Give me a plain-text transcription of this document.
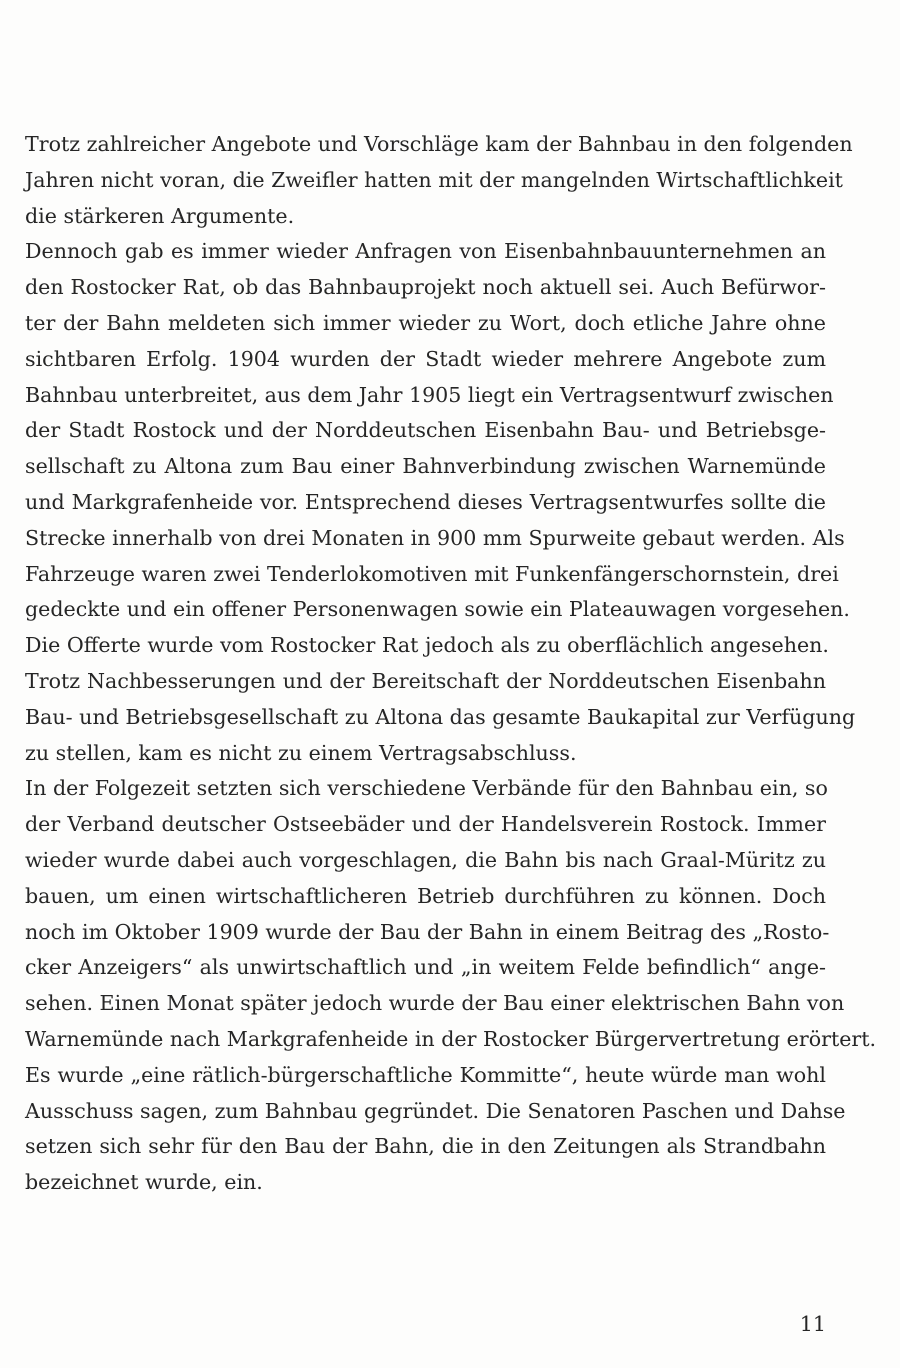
Trotz zahlreicher Angebote und Vorschläge kam der Bahnbau in den folgenden
Jahren nicht voran, die Zweifler hatten mit der mangelnden Wirtschaftlichkeit
die stärkeren Argumente.
Dennoch gab es immer wieder Anfragen von Eisenbahnbauunternehmen an
den Rostocker Rat, ob das Bahnbauprojekt noch aktuell sei. Auch Befürwor-
ter der Bahn meldeten sich immer wieder zu Wort, doch etliche Jahre ohne
sichtbaren Erfolg. 1904 wurden der Stadt wieder mehrere Angebote zum
Bahnbau unterbreitet, aus dem Jahr 1905 liegt ein Vertragsentwurf zwischen
der Stadt Rostock und der Norddeutschen Eisenbahn Bau- und Betriebsge-
sellschaft zu Altona zum Bau einer Bahnverbindung zwischen Warnemünde
und Markgrafenheide vor. Entsprechend dieses Vertragsentwurfes sollte die
Strecke innerhalb von drei Monaten in 900 mm Spurweite gebaut werden. Als
Fahrzeuge waren zwei Tenderlokomotiven mit Funkenfängerschornstein, drei
gedeckte und ein offener Personenwagen sowie ein Plateauwagen vorgesehen.
Die Offerte wurde vom Rostocker Rat jedoch als zu oberflächlich angesehen.
Trotz Nachbesserungen und der Bereitschaft der Norddeutschen Eisenbahn
Bau- und Betriebsgesellschaft zu Altona das gesamte Baukapital zur Verfügung
zu stellen, kam es nicht zu einem Vertragsabschluss.
In der Folgezeit setzten sich verschiedene Verbände für den Bahnbau ein, so
der Verband deutscher Ostseebäder und der Handelsverein Rostock. Immer
wieder wurde dabei auch vorgeschlagen, die Bahn bis nach Graal-Müritz zu
bauen, um einen wirtschaftlicheren Betrieb durchführen zu können. Doch
noch im Oktober 1909 wurde der Bau der Bahn in einem Beitrag des „Rosto-
cker Anzeigers“ als unwirtschaftlich und „in weitem Felde befindlich“ ange-
sehen. Einen Monat später jedoch wurde der Bau einer elektrischen Bahn von
Warnemünde nach Markgrafenheide in der Rostocker Bürgervertretung erörtert.
Es wurde „eine rätlich-bürgerschaftliche Kommitte“, heute würde man wohl
Ausschuss sagen, zum Bahnbau gegründet. Die Senatoren Paschen und Dahse
setzen sich sehr für den Bau der Bahn, die in den Zeitungen als Strandbahn
bezeichnet wurde, ein.
11
